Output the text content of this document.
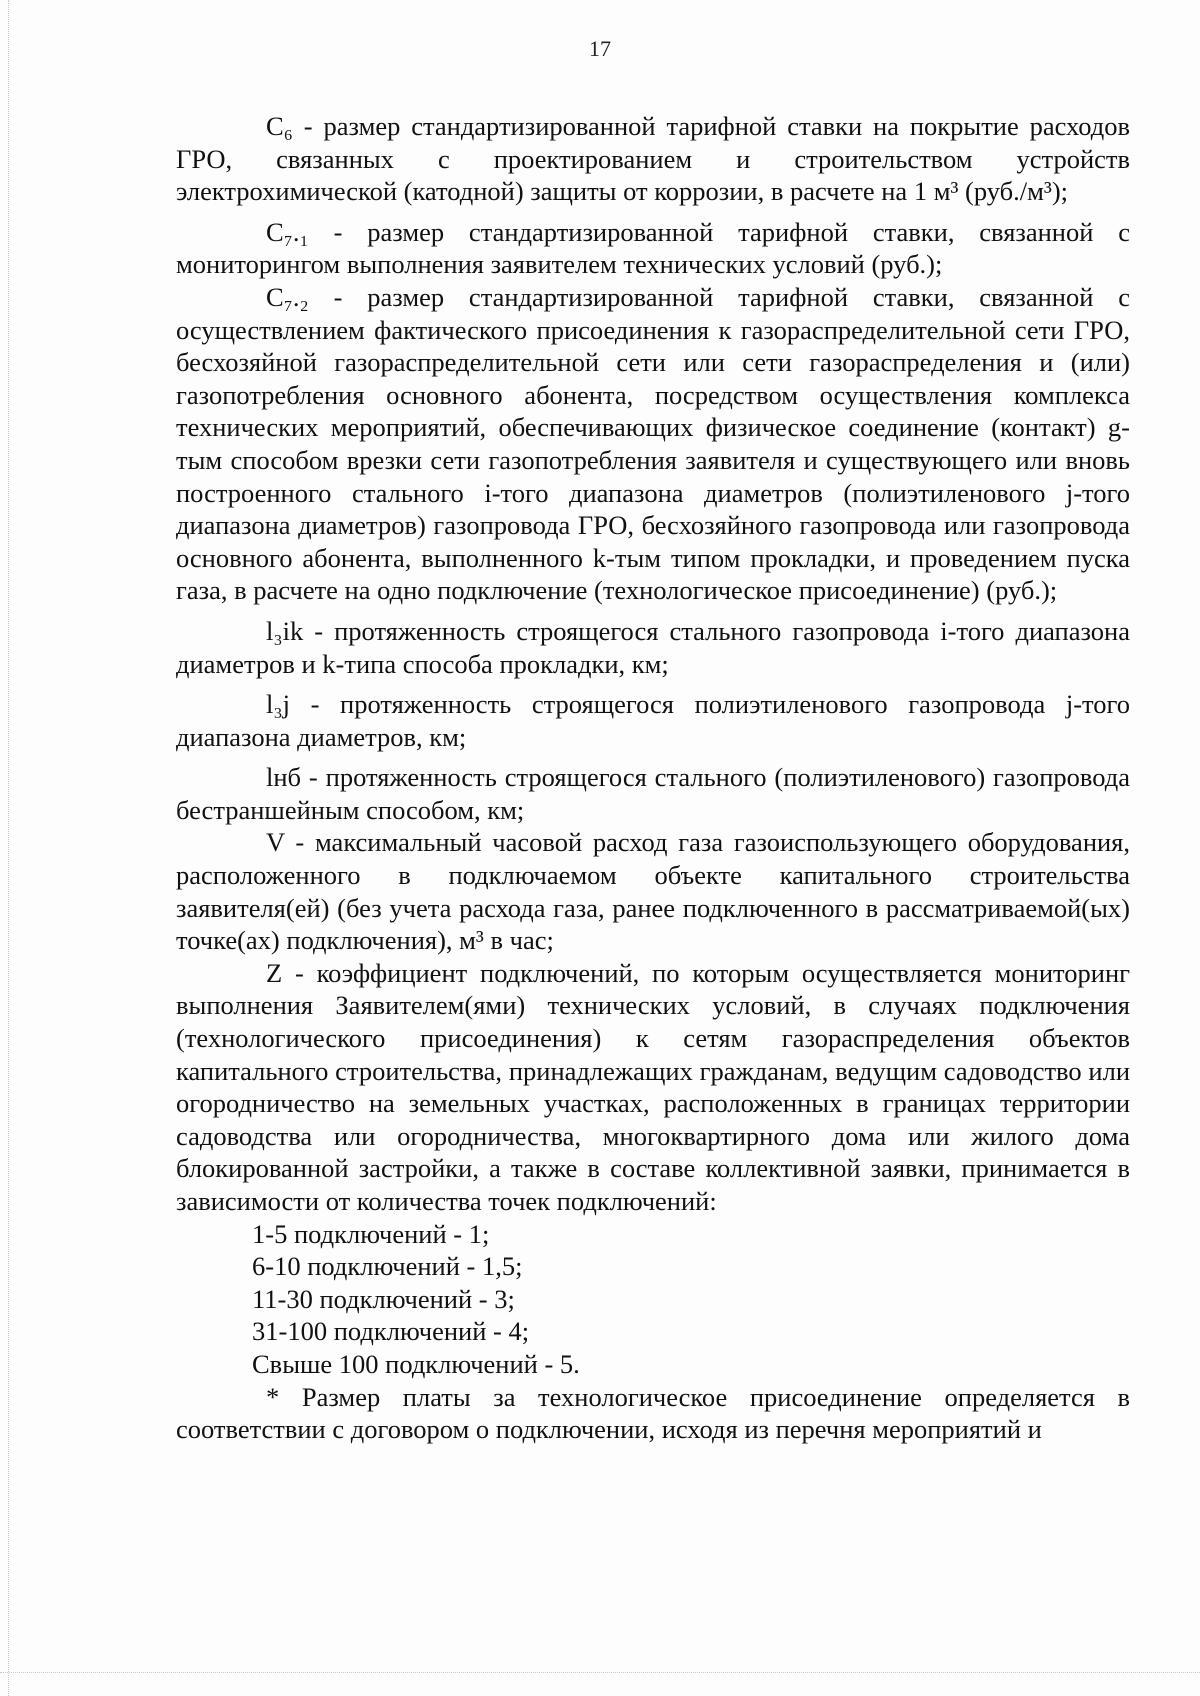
17

C₆ - размер стандартизированной тарифной ставки на покрытие расходов ГРО, связанных с проектированием и строительством устройств электрохимической (катодной) защиты от коррозии, в расчете на 1 м³ (руб./м³);

C₇.₁ - размер стандартизированной тарифной ставки, связанной с мониторингом выполнения заявителем технических условий (руб.);

C₇.₂ - размер стандартизированной тарифной ставки, связанной с осуществлением фактического присоединения к газораспределительной сети ГРО, бесхозяйной газораспределительной сети или сети газораспределения и (или) газопотребления основного абонента, посредством осуществления комплекса технических мероприятий, обеспечивающих физическое соединение (контакт) g-тым способом врезки сети газопотребления заявителя и существующего или вновь построенного стального i-того диапазона диаметров (полиэтиленового j-того диапазона диаметров) газопровода ГРО, бесхозяйного газопровода или газопровода основного абонента, выполненного k-тым типом прокладки, и проведением пуска газа, в расчете на одно подключение (технологическое присоединение) (руб.);

l₃ik - протяженность строящегося стального газопровода i-того диапазона диаметров и k-типа способа прокладки, км;

l₃j - протяженность строящегося полиэтиленового газопровода j-того диапазона диаметров, км;

lнб - протяженность строящегося стального (полиэтиленового) газопровода бестраншейным способом, км;

V - максимальный часовой расход газа газоиспользующего оборудования, расположенного в подключаемом объекте капитального строительства заявителя(ей) (без учета расхода газа, ранее подключенного в рассматриваемой(ых) точке(ах) подключения), м³ в час;

Z - коэффициент подключений, по которым осуществляется мониторинг выполнения Заявителем(ями) технических условий, в случаях подключения (технологического присоединения) к сетям газораспределения объектов капитального строительства, принадлежащих гражданам, ведущим садоводство или огородничество на земельных участках, расположенных в границах территории садоводства или огородничества, многоквартирного дома или жилого дома блокированной застройки, а также в составе коллективной заявки, принимается в зависимости от количества точек подключений:

1-5 подключений - 1;

6-10 подключений - 1,5;

11-30 подключений - 3;

31-100 подключений - 4;

Свыше 100 подключений - 5.

* Размер платы за технологическое присоединение определяется в соответствии с договором о подключении, исходя из перечня мероприятий и
